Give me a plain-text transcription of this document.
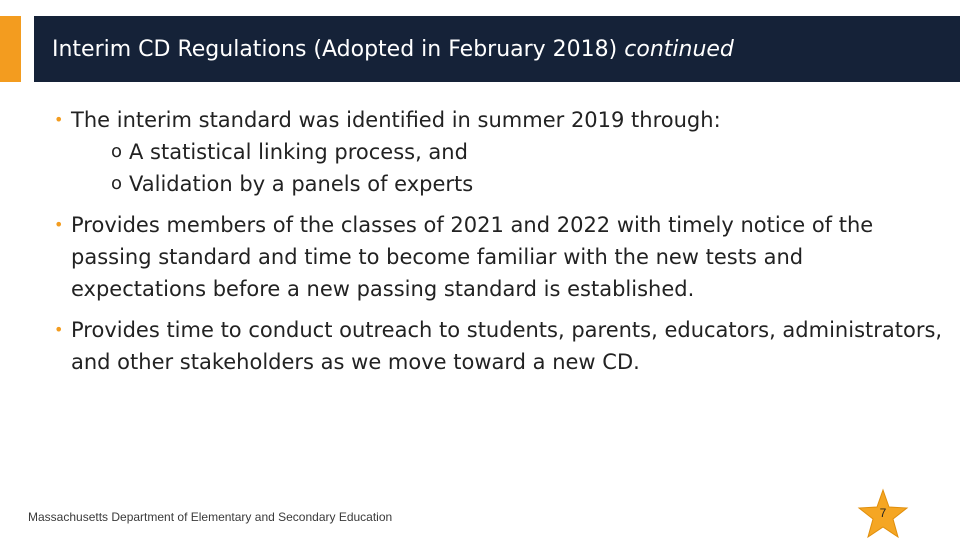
Interim CD Regulations (Adopted in February 2018) continued
• The interim standard was identified in summer 2019 through:
o A statistical linking process, and
o Validation by a panels of experts
• Provides members of the classes of 2021 and 2022 with timely notice of the passing standard and time to become familiar with the new tests and expectations before a new passing standard is established.
• Provides time to conduct outreach to students, parents, educators, administrators, and other stakeholders as we move toward a new CD.
Massachusetts Department of Elementary and Secondary Education	7
